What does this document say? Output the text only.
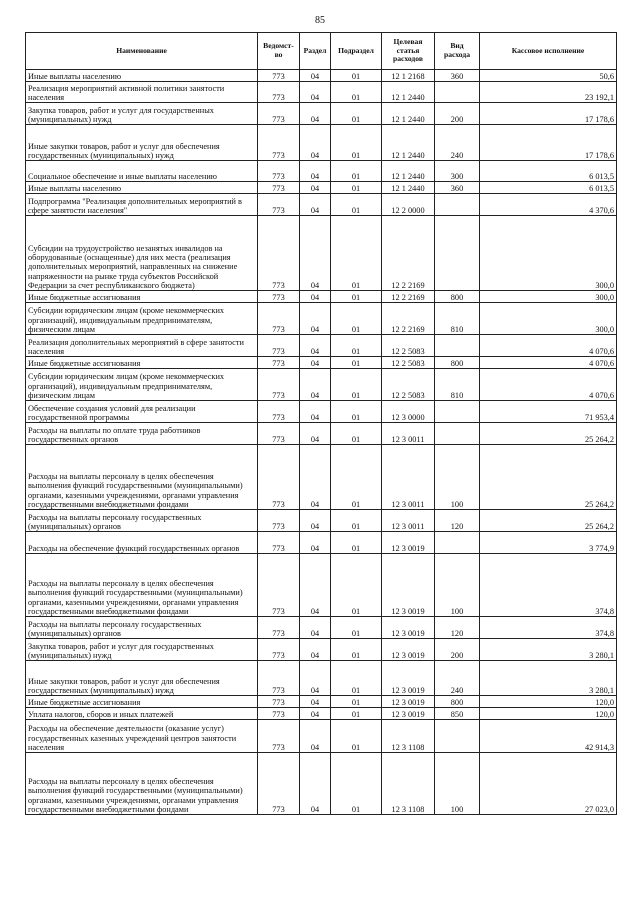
85
Наименование	Ведомст-во	Раздел	Подраздел	Целевая статья расходов	Вид расхода	Кассовое исполнение
Иные выплаты населению	773	04	01	12 1 2168	360	50,6
Реализация мероприятий активной политики занятости населения	773	04	01	12 1 2440		23 192,1
Закупка товаров, работ и услуг для государственных (муниципальных) нужд	773	04	01	12 1 2440	200	17 178,6
Иные закупки товаров, работ и услуг для обеспечения государственных (муниципальных) нужд	773	04	01	12 1 2440	240	17 178,6
Социальное обеспечение и иные выплаты населению	773	04	01	12 1 2440	300	6 013,5
Иные выплаты населению	773	04	01	12 1 2440	360	6 013,5
Подпрограмма "Реализация дополнительных мероприятий в сфере занятости населения"	773	04	01	12 2 0000		4 370,6
Субсидии на трудоустройство незанятых инвалидов на оборудованные (оснащенные) для них места (реализация дополнительных мероприятий, направленных на снижение напряженности на рынке труда субъектов Российской Федерации за счет республиканского бюджета)	773	04	01	12 2 2169		300,0
Иные бюджетные ассигнования	773	04	01	12 2 2169	800	300,0
Субсидии юридическим лицам (кроме некоммерческих организаций), индивидуальным предпринимателям, физическим лицам	773	04	01	12 2 2169	810	300,0
Реализация дополнительных мероприятий в сфере занятости населения	773	04	01	12 2 5083		4 070,6
Иные бюджетные ассигнования	773	04	01	12 2 5083	800	4 070,6
Субсидии юридическим лицам (кроме некоммерческих организаций), индивидуальным предпринимателям, физическим лицам	773	04	01	12 2 5083	810	4 070,6
Обеспечение создания условий для реализации государственной программы	773	04	01	12 3 0000		71 953,4
Расходы на выплаты по оплате труда работников государственных органов	773	04	01	12 3 0011		25 264,2
Расходы на выплаты персоналу в целях обеспечения выполнения функций государственными (муниципальными) органами, казенными учреждениями, органами управления государственными внебюджетными фондами	773	04	01	12 3 0011	100	25 264,2
Расходы на выплаты персоналу государственных (муниципальных) органов	773	04	01	12 3 0011	120	25 264,2
Расходы на обеспечение функций государственных органов	773	04	01	12 3 0019		3 774,9
Расходы на выплаты персоналу в целях обеспечения выполнения функций государственными (муниципальными) органами, казенными учреждениями, органами управления государственными внебюджетными фондами	773	04	01	12 3 0019	100	374,8
Расходы на выплаты персоналу государственных (муниципальных) органов	773	04	01	12 3 0019	120	374,8
Закупка товаров, работ и услуг для государственных (муниципальных) нужд	773	04	01	12 3 0019	200	3 280,1
Иные закупки товаров, работ и услуг для обеспечения государственных (муниципальных) нужд	773	04	01	12 3 0019	240	3 280,1
Иные бюджетные ассигнования	773	04	01	12 3 0019	800	120,0
Уплата налогов, сборов и иных платежей	773	04	01	12 3 0019	850	120,0
Расходы на обеспечение деятельности (оказание услуг) государственных казенных учреждений центров занятости населения	773	04	01	12 3 1108		42 914,3
Расходы на выплаты персоналу в целях обеспечения выполнения функций государственными (муниципальными) органами, казенными учреждениями, органами управления государственными внебюджетными фондами	773	04	01	12 3 1108	100	27 023,0
